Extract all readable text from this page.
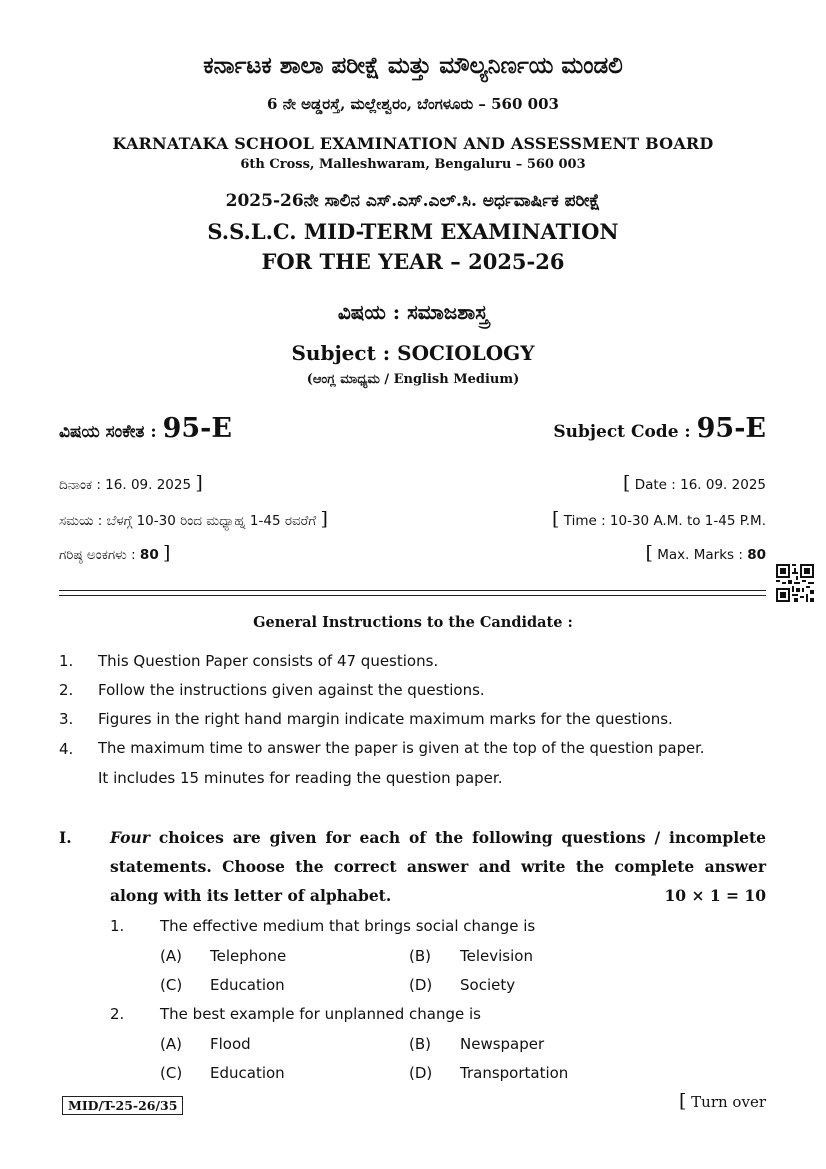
ಕರ್ನಾಟಕ ಶಾಲಾ ಪರೀಕ್ಷೆ ಮತ್ತು ಮೌಲ್ಯನಿರ್ಣಯ ಮಂಡಲಿ
6 ನೇ ಅಡ್ಡರಸ್ತೆ, ಮಲ್ಲೇಶ್ವರಂ, ಬೆಂಗಳೂರು – 560 003
KARNATAKA SCHOOL EXAMINATION AND ASSESSMENT BOARD
6th Cross, Malleshwaram, Bengaluru – 560 003
2025-26ನೇ ಸಾಲಿನ ಎಸ್.ಎಸ್.ಎಲ್.ಸಿ. ಅರ್ಧವಾರ್ಷಿಕ ಪರೀಕ್ಷೆ
S.S.L.C. MID-TERM EXAMINATION
FOR THE YEAR – 2025-26
ವಿಷಯ : ಸಮಾಜಶಾಸ್ತ್ರ
Subject : SOCIOLOGY
(ಆಂಗ್ಲ ಮಾಧ್ಯಮ / English Medium)
ವಿಷಯ ಸಂಕೇತ : 95-E	Subject Code : 95-E
ದಿನಾಂಕ : 16. 09. 2025 ]	[ Date : 16. 09. 2025
ಸಮಯ : ಬೆಳಗ್ಗೆ 10-30 ರಿಂದ ಮಧ್ಯಾಹ್ನ 1-45 ರವರೆಗೆ ]	[ Time : 10-30 A.M. to 1-45 P.M.
ಗರಿಷ್ಠ ಅಂಕಗಳು : 80 ]	[ Max. Marks : 80
General Instructions to the Candidate :
1. This Question Paper consists of 47 questions.
2. Follow the instructions given against the questions.
3. Figures in the right hand margin indicate maximum marks for the questions.
4. The maximum time to answer the paper is given at the top of the question paper.
It includes 15 minutes for reading the question paper.
I. Four choices are given for each of the following questions / incomplete
statements. Choose the correct answer and write the complete answer
along with its letter of alphabet.	10 × 1 = 10
1. The effective medium that brings social change is
(A) Telephone	(B) Television
(C) Education	(D) Society
2. The best example for unplanned change is
(A) Flood	(B) Newspaper
(C) Education	(D) Transportation
MID/T-25-26/35	[ Turn over
